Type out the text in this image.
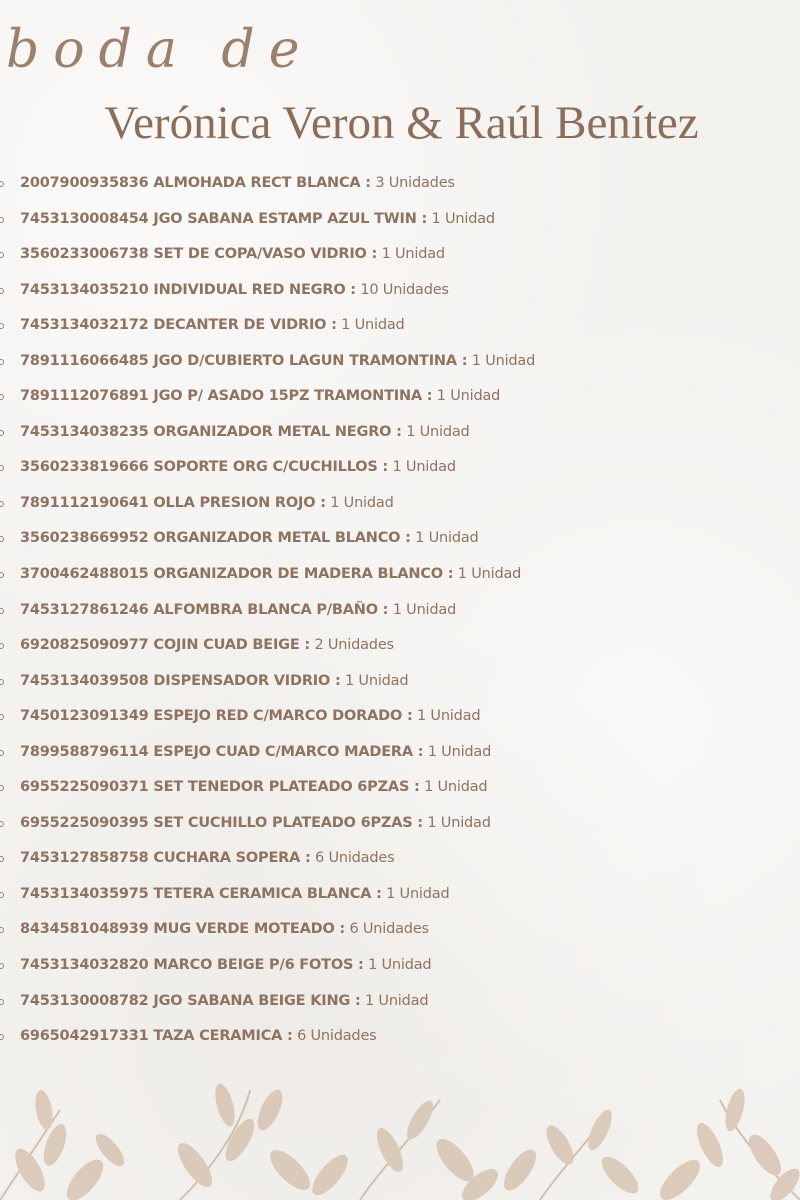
boda de
Verónica Veron & Raúl Benítez
2007900935836 ALMOHADA RECT BLANCA : 3 Unidades
7453130008454 JGO SABANA ESTAMP AZUL TWIN : 1 Unidad
3560233006738 SET DE COPA/VASO VIDRIO : 1 Unidad
7453134035210 INDIVIDUAL RED NEGRO : 10 Unidades
7453134032172 DECANTER DE VIDRIO : 1 Unidad
7891116066485 JGO D/CUBIERTO LAGUN TRAMONTINA : 1 Unidad
7891112076891 JGO P/ ASADO 15PZ TRAMONTINA : 1 Unidad
7453134038235 ORGANIZADOR METAL NEGRO : 1 Unidad
3560233819666 SOPORTE ORG C/CUCHILLOS : 1 Unidad
7891112190641 OLLA PRESION ROJO : 1 Unidad
3560238669952 ORGANIZADOR METAL BLANCO : 1 Unidad
3700462488015 ORGANIZADOR DE MADERA BLANCO : 1 Unidad
7453127861246 ALFOMBRA BLANCA P/BAÑO : 1 Unidad
6920825090977 COJIN CUAD BEIGE : 2 Unidades
7453134039508 DISPENSADOR VIDRIO : 1 Unidad
7450123091349 ESPEJO RED C/MARCO DORADO : 1 Unidad
7899588796114 ESPEJO CUAD C/MARCO MADERA : 1 Unidad
6955225090371 SET TENEDOR PLATEADO 6PZAS : 1 Unidad
6955225090395 SET CUCHILLO PLATEADO 6PZAS : 1 Unidad
7453127858758 CUCHARA SOPERA : 6 Unidades
7453134035975 TETERA CERAMICA BLANCA : 1 Unidad
8434581048939 MUG VERDE MOTEADO : 6 Unidades
7453134032820 MARCO BEIGE P/6 FOTOS : 1 Unidad
7453130008782 JGO SABANA BEIGE KING : 1 Unidad
6965042917331 TAZA CERAMICA : 6 Unidades
